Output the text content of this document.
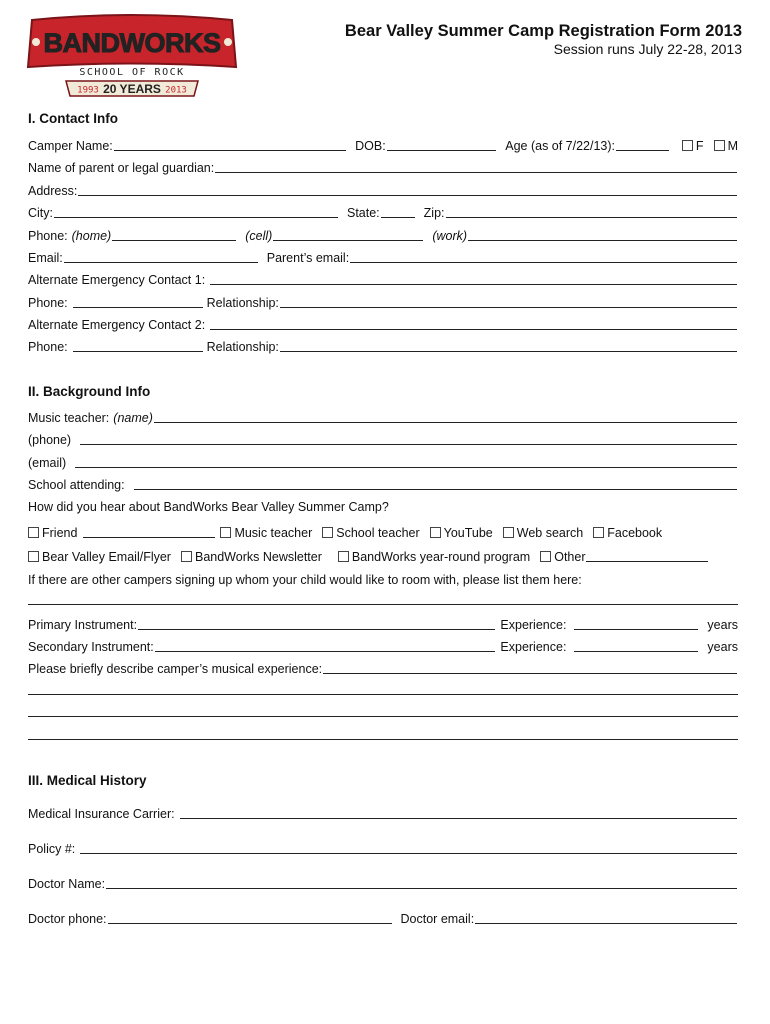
BANDWORKS
SCHOOL OF ROCK
1993 20 YEARS 2013
Bear Valley Summer Camp Registration Form 2013
Session runs July 22-28, 2013
I. Contact Info
Camper Name:	DOB:	Age (as of 7/22/13):	F	M
Name of parent or legal guardian:
Address:
City:	State:	Zip:
Phone: (home)	(cell)	(work)
Email:	Parent’s email:
Alternate Emergency Contact 1:
Phone:	Relationship:
Alternate Emergency Contact 2:
Phone:	Relationship:
II. Background Info
Music teacher: (name)
(phone)
(email)
School attending:
How did you hear about BandWorks Bear Valley Summer Camp?
Friend	Music teacher	School teacher	YouTube	Web search	Facebook
Bear Valley Email/Flyer	BandWorks Newsletter	BandWorks year-round program	Other
If there are other campers signing up whom your child would like to room with, please list them here:
Primary Instrument:	Experience:	years
Secondary Instrument:	Experience:	years
Please briefly describe camper’s musical experience:
III. Medical History
Medical Insurance Carrier:
Policy #:
Doctor Name:
Doctor phone:	Doctor email:
